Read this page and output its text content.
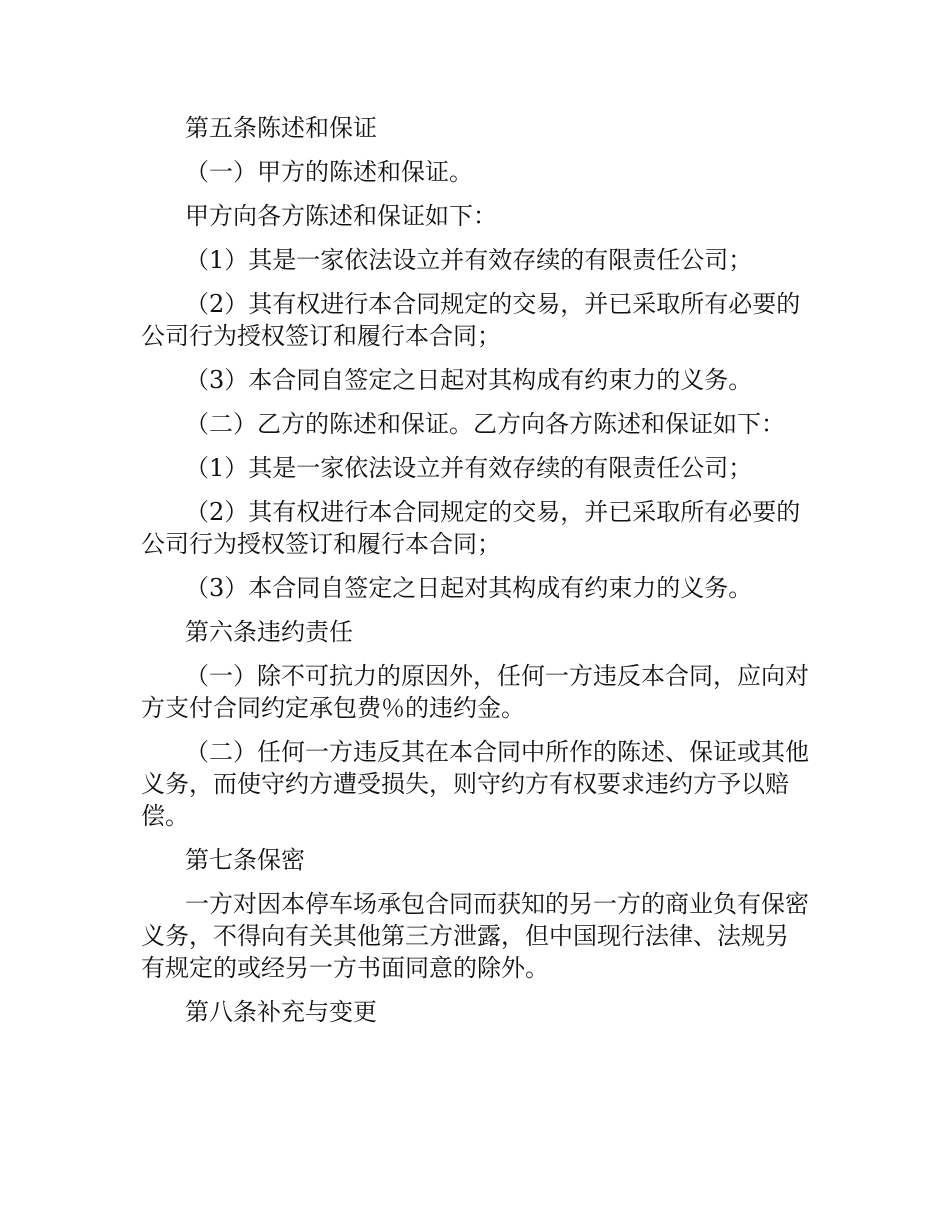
第五条陈述和保证

（一）甲方的陈述和保证。

甲方向各方陈述和保证如下：

（1）其是一家依法设立并有效存续的有限责任公司；

（2）其有权进行本合同规定的交易，并已采取所有必要的公司行为授权签订和履行本合同；

（3）本合同自签定之日起对其构成有约束力的义务。

（二）乙方的陈述和保证。乙方向各方陈述和保证如下：

（1）其是一家依法设立并有效存续的有限责任公司；

（2）其有权进行本合同规定的交易，并已采取所有必要的公司行为授权签订和履行本合同；

（3）本合同自签定之日起对其构成有约束力的义务。

第六条违约责任

（一）除不可抗力的原因外，任何一方违反本合同，应向对方支付合同约定承包费％的违约金。

（二）任何一方违反其在本合同中所作的陈述、保证或其他义务，而使守约方遭受损失，则守约方有权要求违约方予以赔偿。

第七条保密

一方对因本停车场承包合同而获知的另一方的商业负有保密义务，不得向有关其他第三方泄露，但中国现行法律、法规另有规定的或经另一方书面同意的除外。

第八条补充与变更
